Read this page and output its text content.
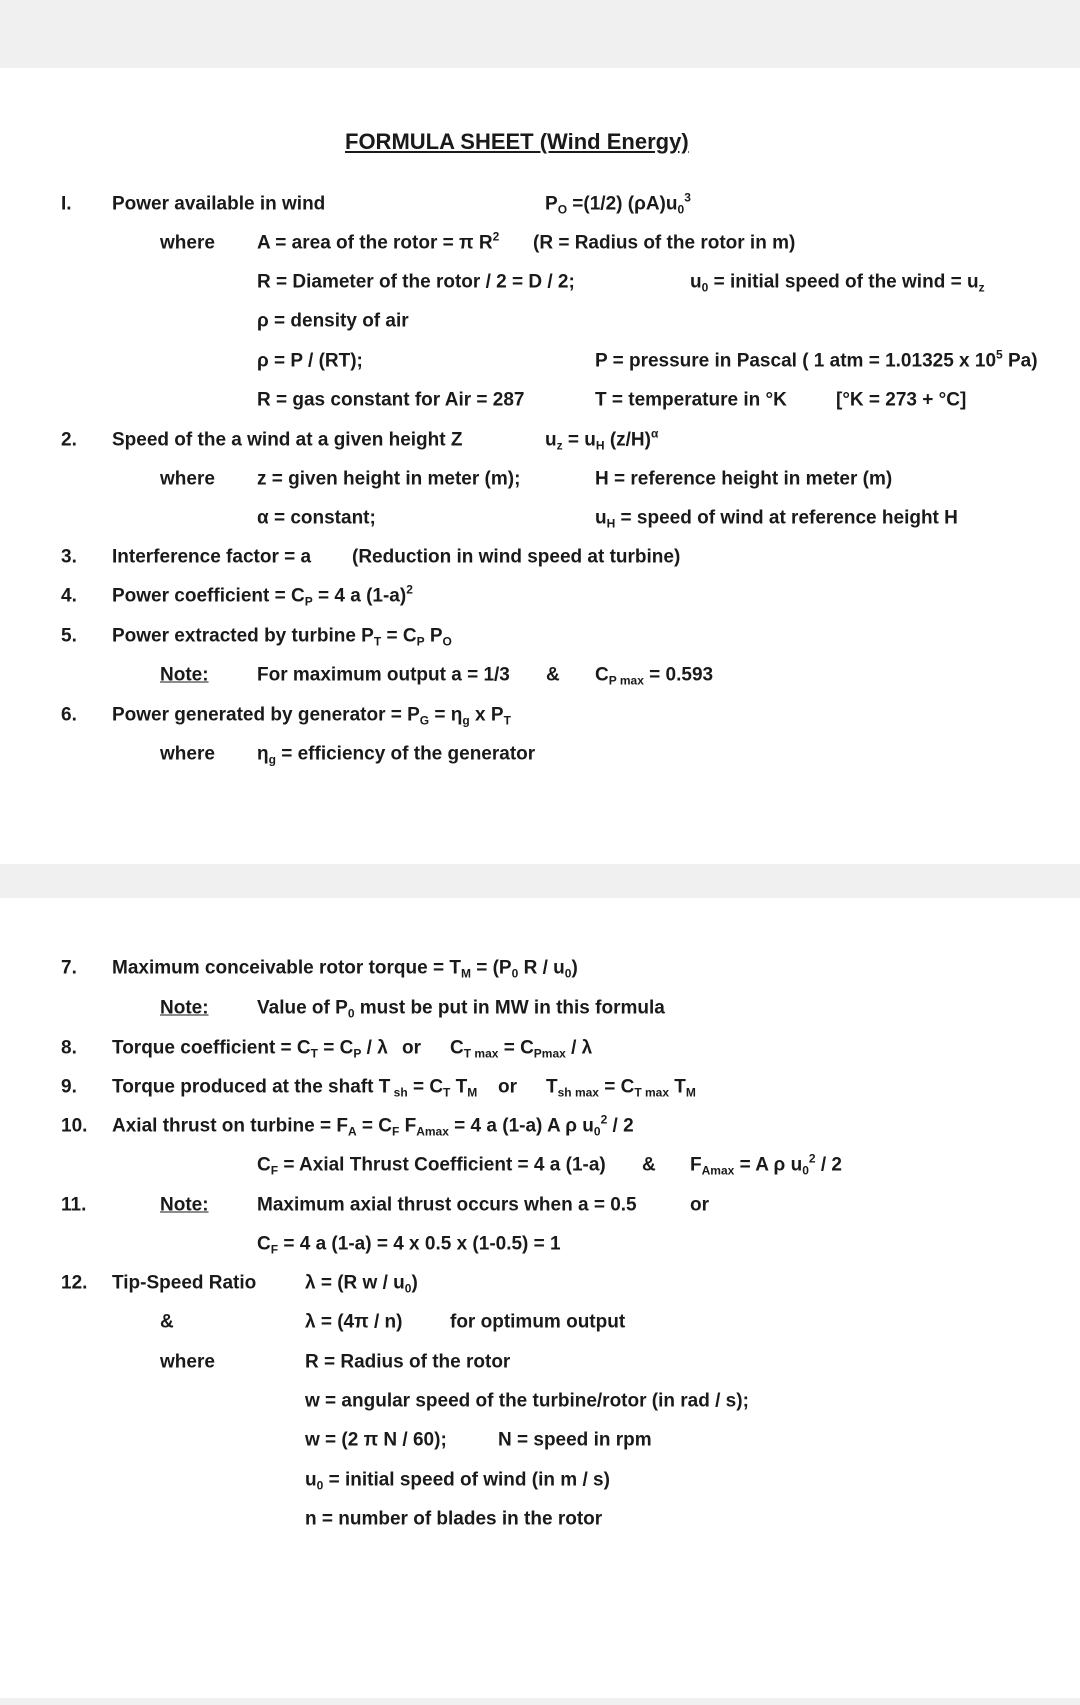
FORMULA SHEET (Wind Energy)
I. Power available in wind	$P_O =(1/2)$ $(\rho A)u_0^3$
where A = area of the rotor = π $R^2$ (R = Radius of the rotor in m)
R = Diameter of the rotor / 2 = D / 2;	$u_0$ = initial speed of the wind = $u_z$
ρ = density of air
ρ = P / (RT);	P = pressure in Pascal ( 1 atm = 1.01325 x $10^5$ Pa)
R = gas constant for Air = 287	T = temperature in °K	[°K = 273 + °C]
2. Speed of the a wind at a given height Z	$u_z = u_H$ $(z/H)^\alpha$
where z = given height in meter (m);	H = reference height in meter (m)
α = constant;	$u_H$ = speed of wind at reference height H
3. Interference factor = a (Reduction in wind speed at turbine)
4. Power coefficient = $C_P = 4$ a $(1-a)^2$
5. Power extracted by turbine $P_T = C_P$ $P_O$
Note:	For maximum output a = 1/3 & $C_{P max} = 0.593$
6. Power generated by generator = $P_G = \eta_g$ x $P_T$
where $\eta_g$ = efficiency of the generator
7. Maximum conceivable rotor torque = $T_M = (P_0$ R / $u_0$)
Note:	Value of $P_0$ must be put in MW in this formula
8. Torque coefficient = $C_T = C_P / \lambda$ or $C_{T max} = C_{Pmax} / \lambda$
9. Torque produced at the shaft T $_{sh} = C_T$ $T_M$ or $T_{sh max} = C_{T max}$ $T_M$
10. Axial thrust on turbine = $F_A = C_F$ $F_{Amax} = 4$ a (1-a) A ρ $u_0^2 / 2$
$C_F$ = Axial Thrust Coefficient = 4 a (1-a) & $F_{Amax} = A$ ρ $u_0^2 / 2$
11.	Note:	Maximum axial thrust occurs when a = 0.5	or
$C_F = 4$ a (1-a) = 4 x 0.5 x (1-0.5) = 1
12. Tip-Speed Ratio	λ = (R w / $u_0$)
&	λ = (4π / n)	for optimum output
where	R = Radius of the rotor
w = angular speed of the turbine/rotor (in rad / s);
w = (2 π N / 60);	N = speed in rpm
$u_0$ = initial speed of wind (in m / s)
n = number of blades in the rotor
